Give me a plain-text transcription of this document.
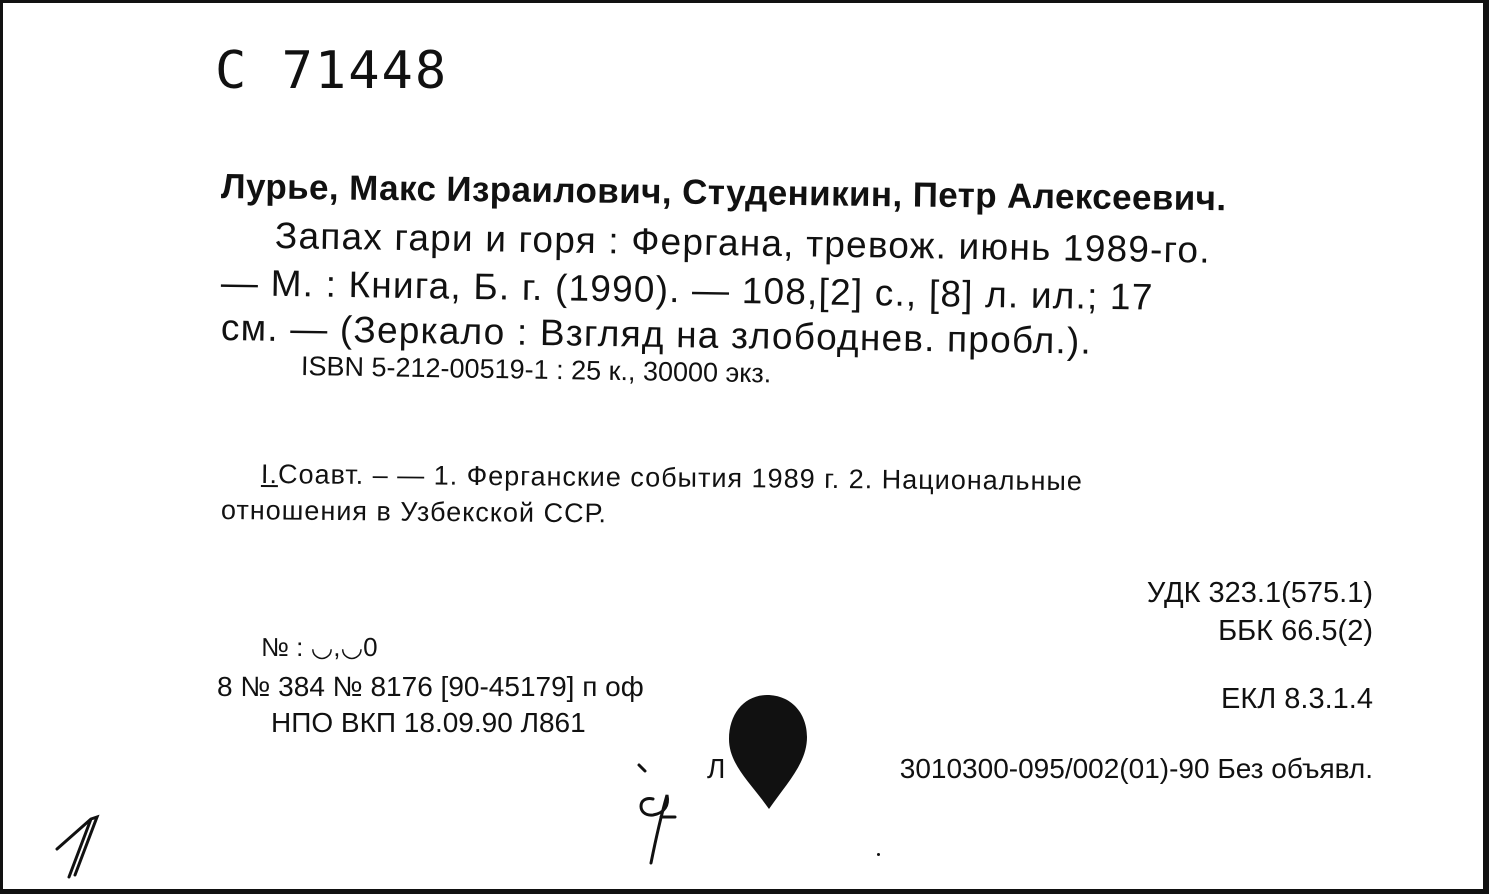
С 71448
Лурье, Макс Израилович, Студеникин, Петр Алексеевич.
Запах гари и горя : Фергана, тревож. июнь 1989-го.
— М. : Книга, Б. г. (1990). — 108,[2] с., [8] л. ил.; 17
см. — (Зеркало : Взгляд на злободнев. пробл.).
ISBN 5-212-00519-1 : 25 к., 30000 экз.
I.Соавт. – — 1. Ферганские события 1989 г. 2. Национальные
отношения в Узбекской ССР.
УДК 323.1(575.1)
ББК 66.5(2)
ЕКЛ 8.3.1.4
3010300-095/002(01)-90 Без объявл.
Л
№ : ◡,◡0
8 № 384 № 8176 [90-45179] п оф
НПО ВКП 18.09.90 Л861
